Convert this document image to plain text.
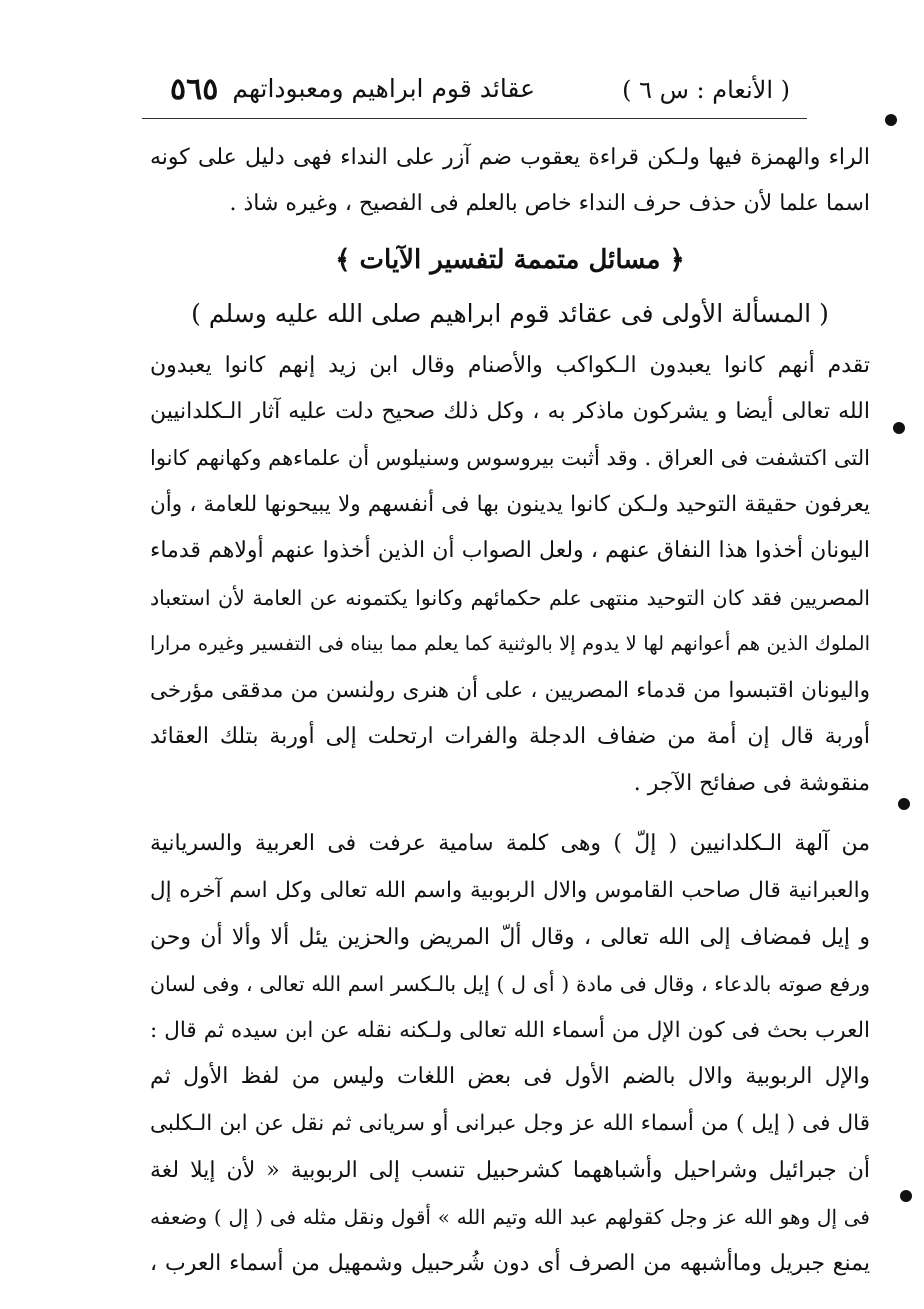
( الأنعام : س ٦ )
عقائد قوم ابراهيم ومعبوداتهم
٥٦٥
الراء والهمزة فيها ولـكن قراءة يعقوب ضم آزر على النداء فهى دليل على كونه
اسما علما لأن حذف حرف النداء خاص بالعلم فى الفصيح ، وغيره شاذ .
﴿ مسائل متممة لتفسير الآيات ﴾
( المسألة الأولى فى عقائد قوم ابراهيم صلى الله عليه وسلم )
تقدم أنهم كانوا يعبدون الـكواكب والأصنام وقال ابن زيد إنهم كانوا يعبدون
الله تعالى أيضا و يشركون ماذكر به ، وكل ذلك صحيح دلت عليه آثار الـكلدانيين
التى اكتشفت فى العراق . وقد أثبت بيروسوس وسنيلوس أن علماءهم وكهانهم كانوا
يعرفون حقيقة التوحيد ولـكن كانوا يدينون بها فى أنفسهم ولا يبيحونها للعامة ، وأن
اليونان أخذوا هذا النفاق عنهم ، ولعل الصواب أن الذين أخذوا عنهم أولاهم قدماء
المصريين فقد كان التوحيد منتهى علم حكمائهم وكانوا يكتمونه عن العامة لأن استعباد
الملوك الذين هم أعوانهم لها لا يدوم إلا بالوثنية كما يعلم مما بيناه فى التفسير وغيره مرارا
واليونان اقتبسوا من قدماء المصريين ، على أن هنرى رولنسن من مدققى مؤرخى
أوربة قال إن أمة من ضفاف الدجلة والفرات ارتحلت إلى أوربة بتلك العقائد
منقوشة فى صفائح الآجر .
من آلهة الـكلدانيين ( إلّ ) وهى كلمة سامية عرفت فى العربية والسريانية
والعبرانية قال صاحب القاموس والال الربوبية واسم الله تعالى وكل اسم آخره إل
و إيل فمضاف إلى الله تعالى ، وقال ألّ المريض والحزين يئل ألا وألا أن وحن
ورفع صوته بالدعاء ، وقال فى مادة ( أى ل ) إيل بالـكسر اسم الله تعالى ، وفى لسان
العرب بحث فى كون الإل من أسماء الله تعالى ولـكنه نقله عن ابن سيده ثم قال :
والإل الربوبية والال بالضم الأول فى بعض اللغات وليس من لفظ الأول ثم
قال فى ( إيل ) من أسماء الله عز وجل عبرانى أو سريانى ثم نقل عن ابن الـكلبى
أن جبرائيل وشراحيل وأشباههما كشرحبيل تنسب إلى الربوبية « لأن إيلا لغة
فى إل وهو الله عز وجل كقولهم عبد الله وتيم الله » أقول ونقل مثله فى ( إل ) وضعفه
يمنع جبريل وماأشبهه من الصرف أى دون شُرحبيل وشمهيل من أسماء العرب ،
